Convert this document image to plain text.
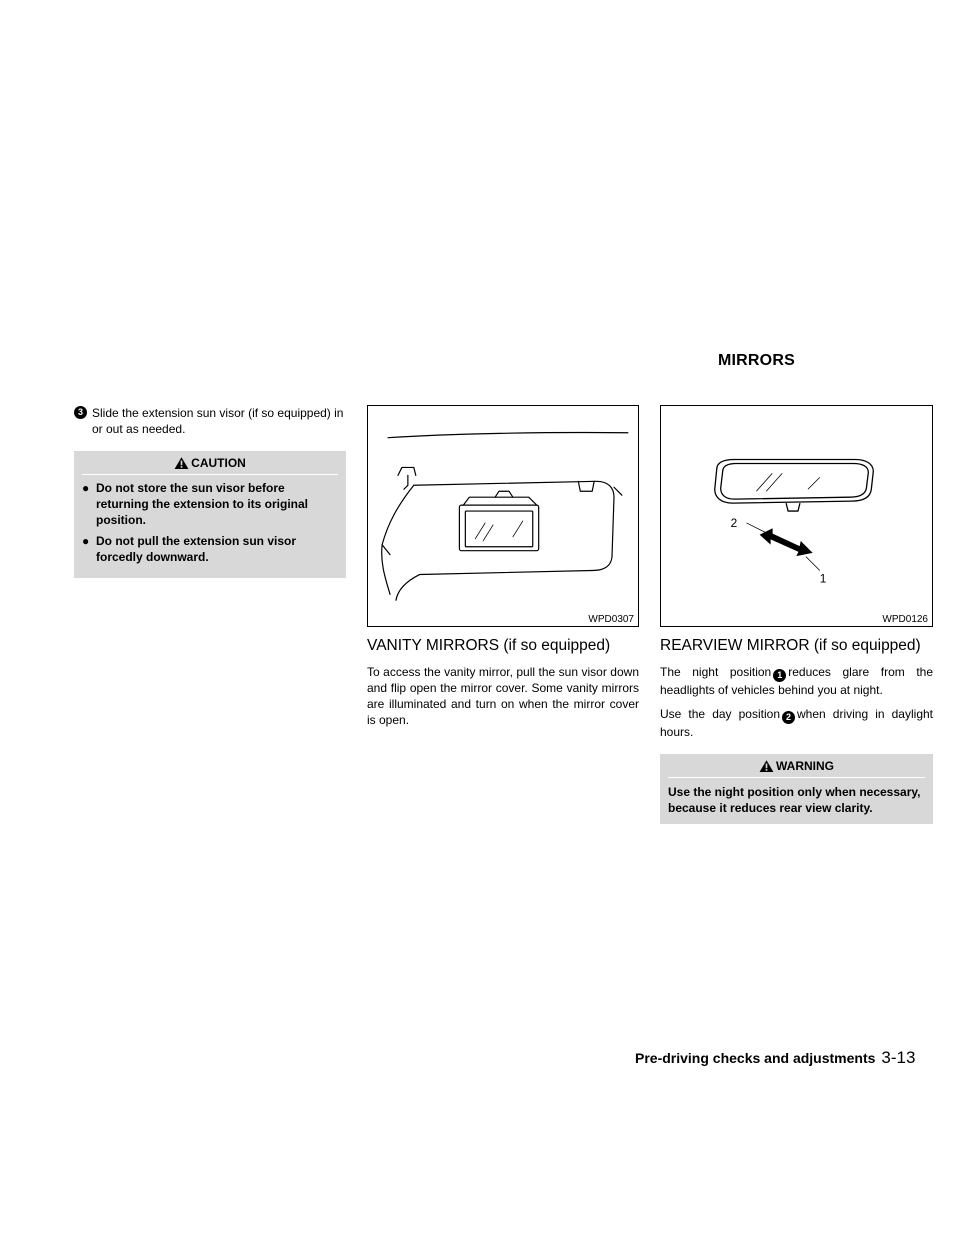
MIRRORS
3 Slide the extension sun visor (if so equipped) in or out as needed.
CAUTION
● Do not store the sun visor before returning the extension to its original position.
● Do not pull the extension sun visor forcedly downward.
WPD0307
2
1
WPD0126
VANITY MIRRORS (if so equipped)

To access the vanity mirror, pull the sun visor down and flip open the mirror cover. Some vanity mirrors are illuminated and turn on when the mirror cover is open.

REARVIEW MIRROR (if so equipped)

The night position 1 reduces glare from the headlights of vehicles behind you at night.

Use the day position 2 when driving in daylight hours.

WARNING

Use the night position only when necessary, because it reduces rear view clarity.

Pre-driving checks and adjustments 3-13
